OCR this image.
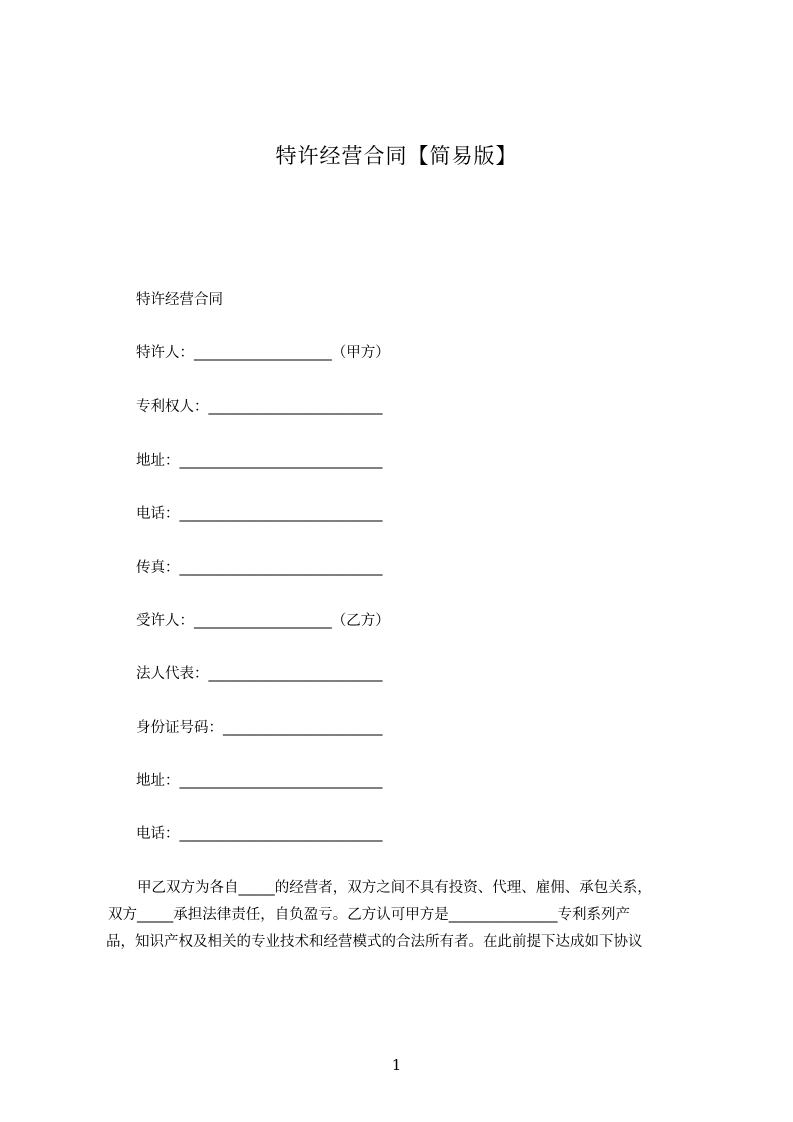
特许经营合同【简易版】
特许经营合同
特许人：___________________（甲方）
专利权人：________________________
地址：____________________________
电话：____________________________
传真：____________________________
受许人：___________________（乙方）
法人代表：________________________
身份证号码：______________________
地址：____________________________
电话：____________________________
甲乙双方为各自_____的经营者，双方之间不具有投资、代理、雇佣、承包关系，
双方_____承担法律责任，自负盈亏。乙方认可甲方是_______________专利系列产
品，知识产权及相关的专业技术和经营模式的合法所有者。在此前提下达成如下协议
1
